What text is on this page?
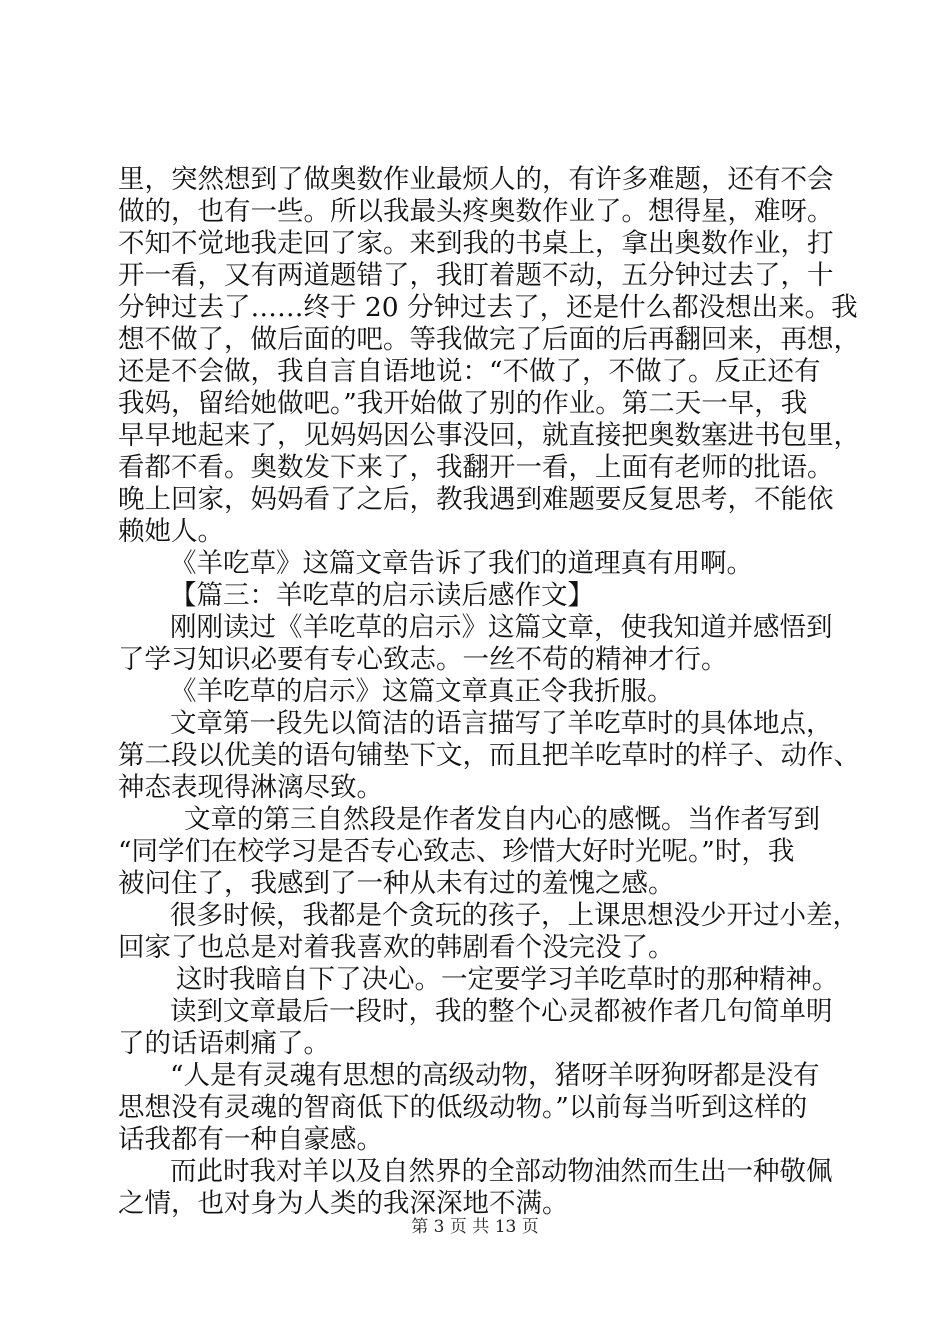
里，突然想到了做奥数作业最烦人的，有许多难题，还有不会
做的，也有一些。所以我最头疼奥数作业了。想得星，难呀。
不知不觉地我走回了家。来到我的书桌上，拿出奥数作业，打
开一看，又有两道题错了，我盯着题不动，五分钟过去了，十
分钟过去了……终于 20 分钟过去了，还是什么都没想出来。我
想不做了，做后面的吧。等我做完了后面的后再翻回来，再想，
还是不会做，我自言自语地说：“不做了，不做了。反正还有
我妈，留给她做吧。”我开始做了别的作业。第二天一早，我
早早地起来了，见妈妈因公事没回，就直接把奥数塞进书包里，
看都不看。奥数发下来了，我翻开一看，上面有老师的批语。
晚上回家，妈妈看了之后，教我遇到难题要反复思考，不能依
赖她人。
《羊吃草》这篇文章告诉了我们的道理真有用啊。
【篇三：羊吃草的启示读后感作文】
刚刚读过《羊吃草的启示》这篇文章，使我知道并感悟到
了学习知识必要有专心致志。一丝不苟的精神才行。
《羊吃草的启示》这篇文章真正令我折服。
文章第一段先以简洁的语言描写了羊吃草时的具体地点，
第二段以优美的语句铺垫下文，而且把羊吃草时的样子、动作、
神态表现得淋漓尽致。
文章的第三自然段是作者发自内心的感慨。当作者写到
“同学们在校学习是否专心致志、珍惜大好时光呢。”时，我
被问住了，我感到了一种从未有过的羞愧之感。
很多时候，我都是个贪玩的孩子，上课思想没少开过小差，
回家了也总是对着我喜欢的韩剧看个没完没了。
这时我暗自下了决心。一定要学习羊吃草时的那种精神。
读到文章最后一段时，我的整个心灵都被作者几句简单明
了的话语刺痛了。
“人是有灵魂有思想的高级动物，猪呀羊呀狗呀都是没有
思想没有灵魂的智商低下的低级动物。”以前每当听到这样的
话我都有一种自豪感。
而此时我对羊以及自然界的全部动物油然而生出一种敬佩
之情，也对身为人类的我深深地不满。
第 3 页 共 13 页
